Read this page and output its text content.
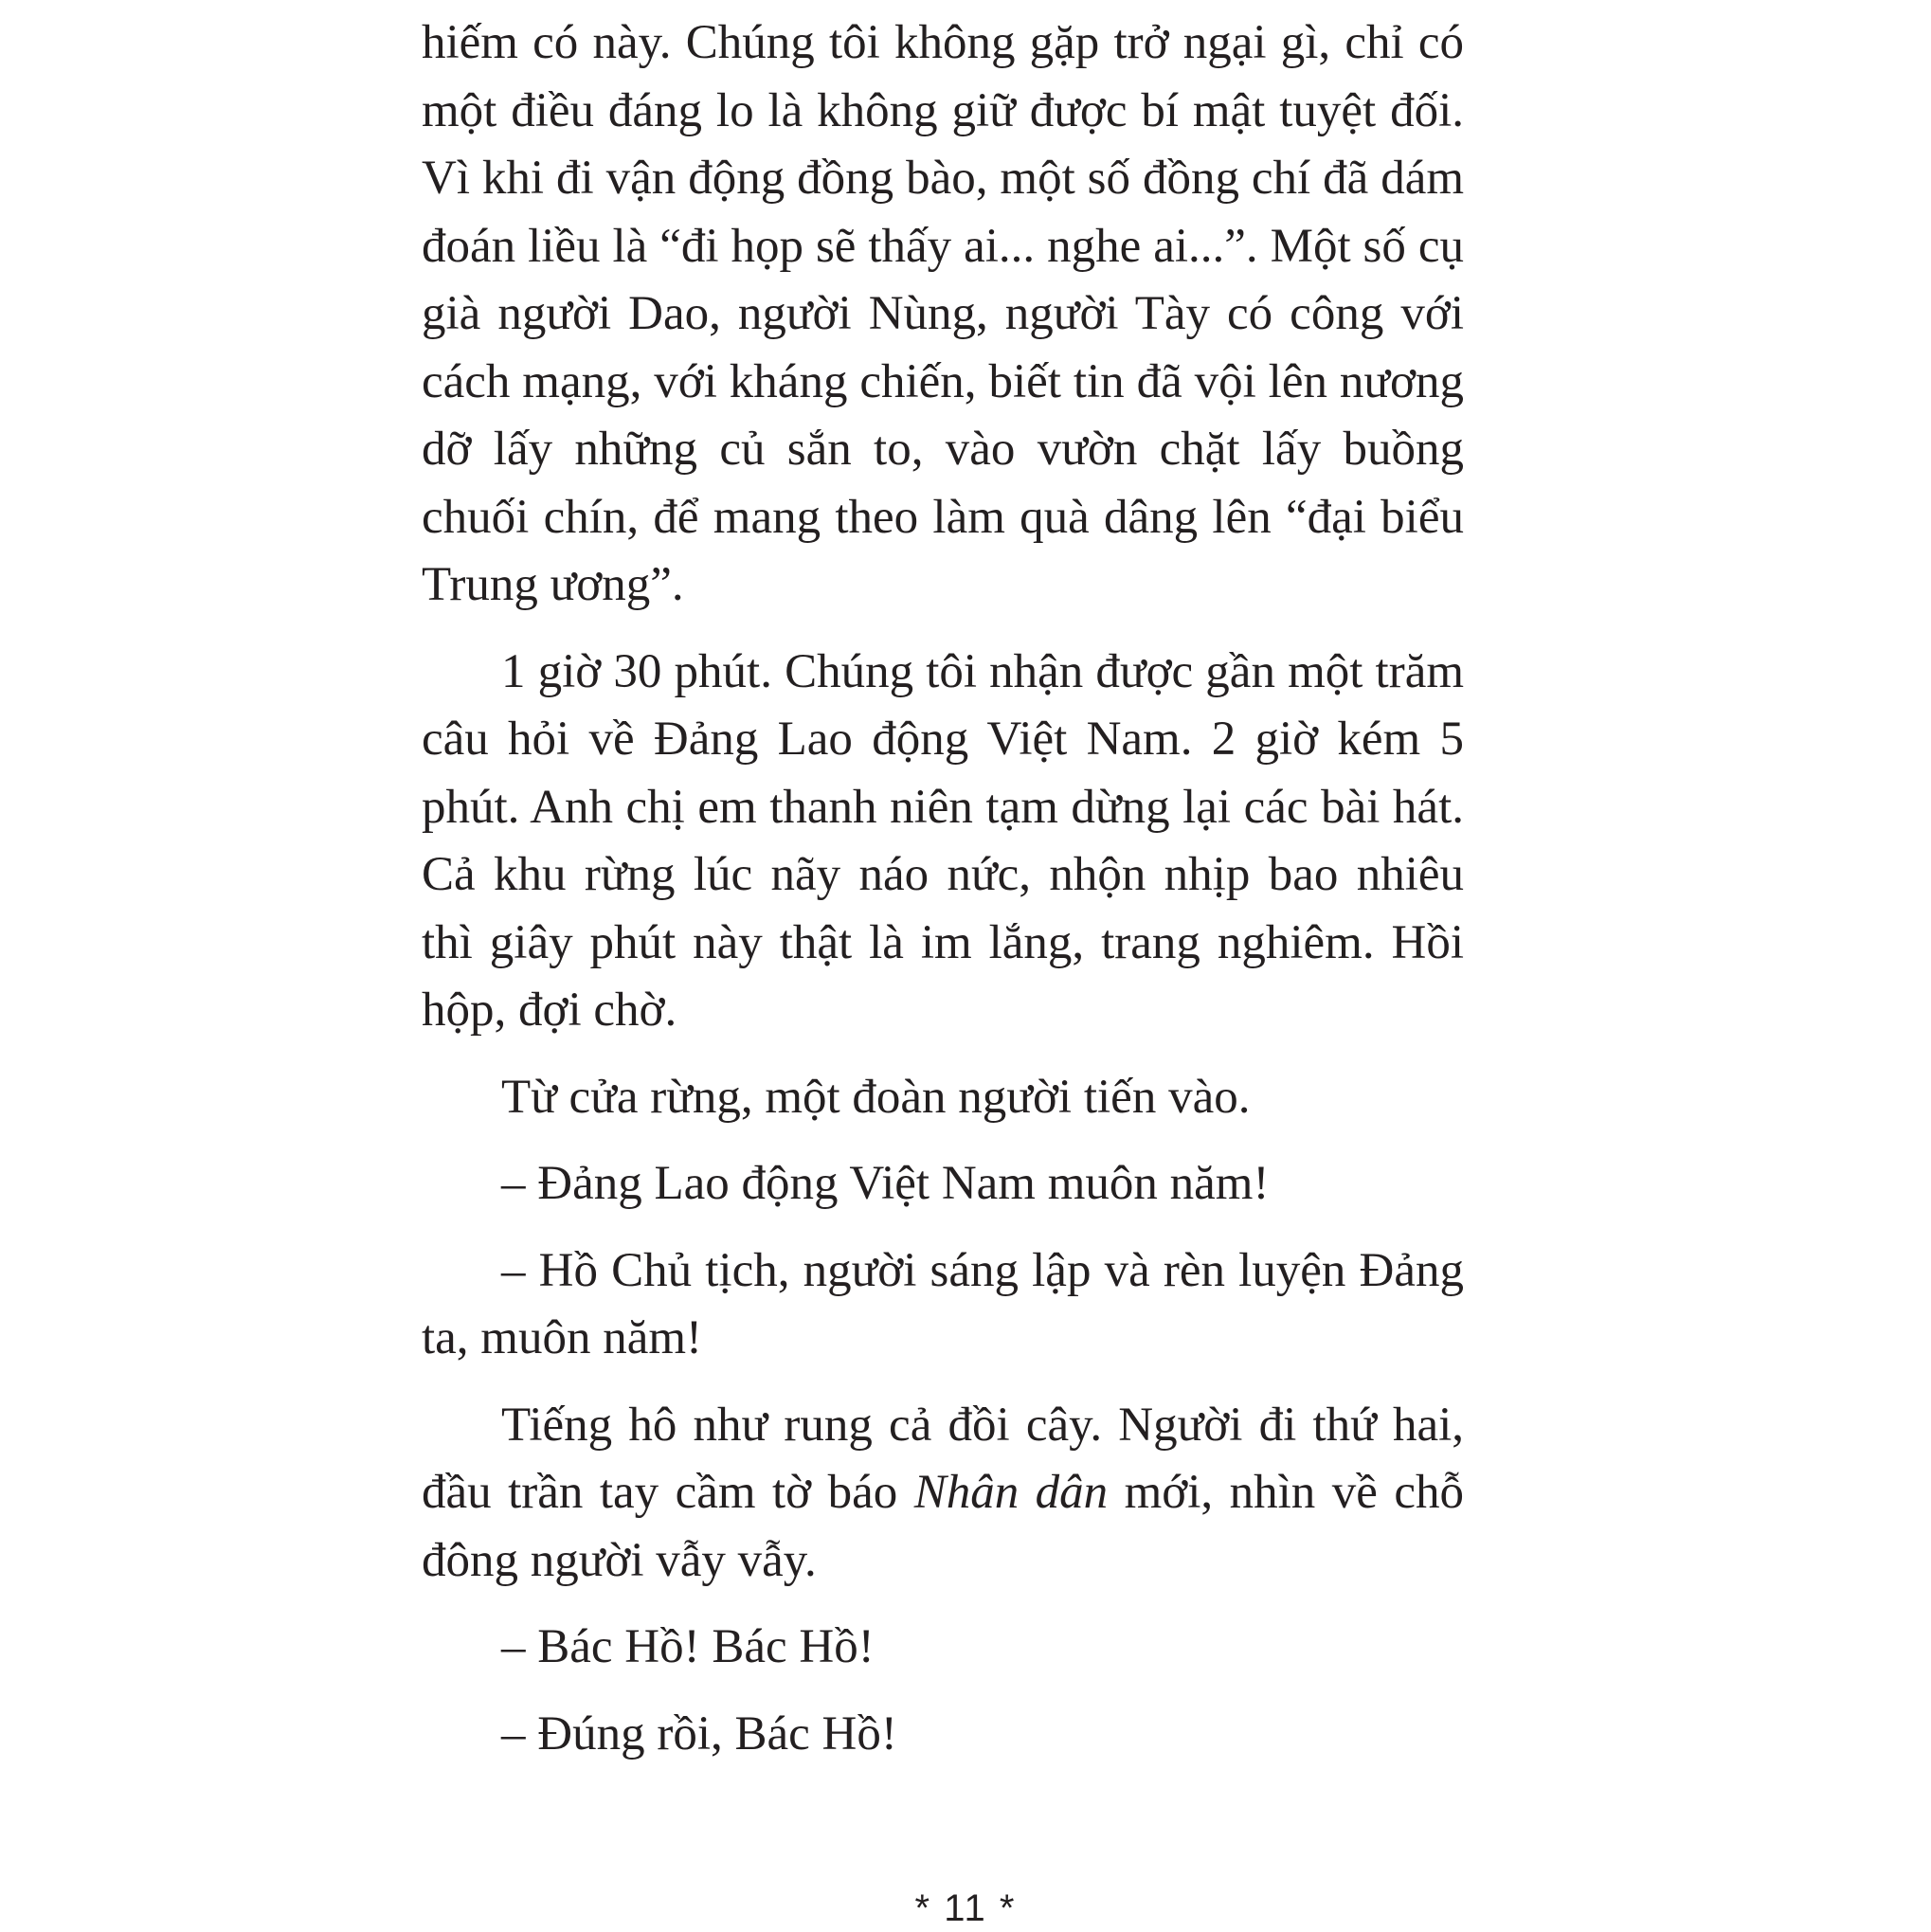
hiếm có này. Chúng tôi không gặp trở ngại gì, chỉ có một điều đáng lo là không giữ được bí mật tuyệt đối. Vì khi đi vận động đồng bào, một số đồng chí đã dám đoán liều là “đi họp sẽ thấy ai... nghe ai...”. Một số cụ già người Dao, người Nùng, người Tày có công với cách mạng, với kháng chiến, biết tin đã vội lên nương dỡ lấy những củ sắn to, vào vườn chặt lấy buồng chuối chín, để mang theo làm quà dâng lên “đại biểu Trung ương”.

1 giờ 30 phút. Chúng tôi nhận được gần một trăm câu hỏi về Đảng Lao động Việt Nam. 2 giờ kém 5 phút. Anh chị em thanh niên tạm dừng lại các bài hát. Cả khu rừng lúc nãy náo nức, nhộn nhịp bao nhiêu thì giây phút này thật là im lắng, trang nghiêm. Hồi hộp, đợi chờ.

Từ cửa rừng, một đoàn người tiến vào.

– Đảng Lao động Việt Nam muôn năm!

– Hồ Chủ tịch, người sáng lập và rèn luyện Đảng ta, muôn năm!

Tiếng hô như rung cả đồi cây. Người đi thứ hai, đầu trần tay cầm tờ báo Nhân dân mới, nhìn về chỗ đông người vẫy vẫy.

– Bác Hồ! Bác Hồ!

– Đúng rồi, Bác Hồ!

* 11 *
